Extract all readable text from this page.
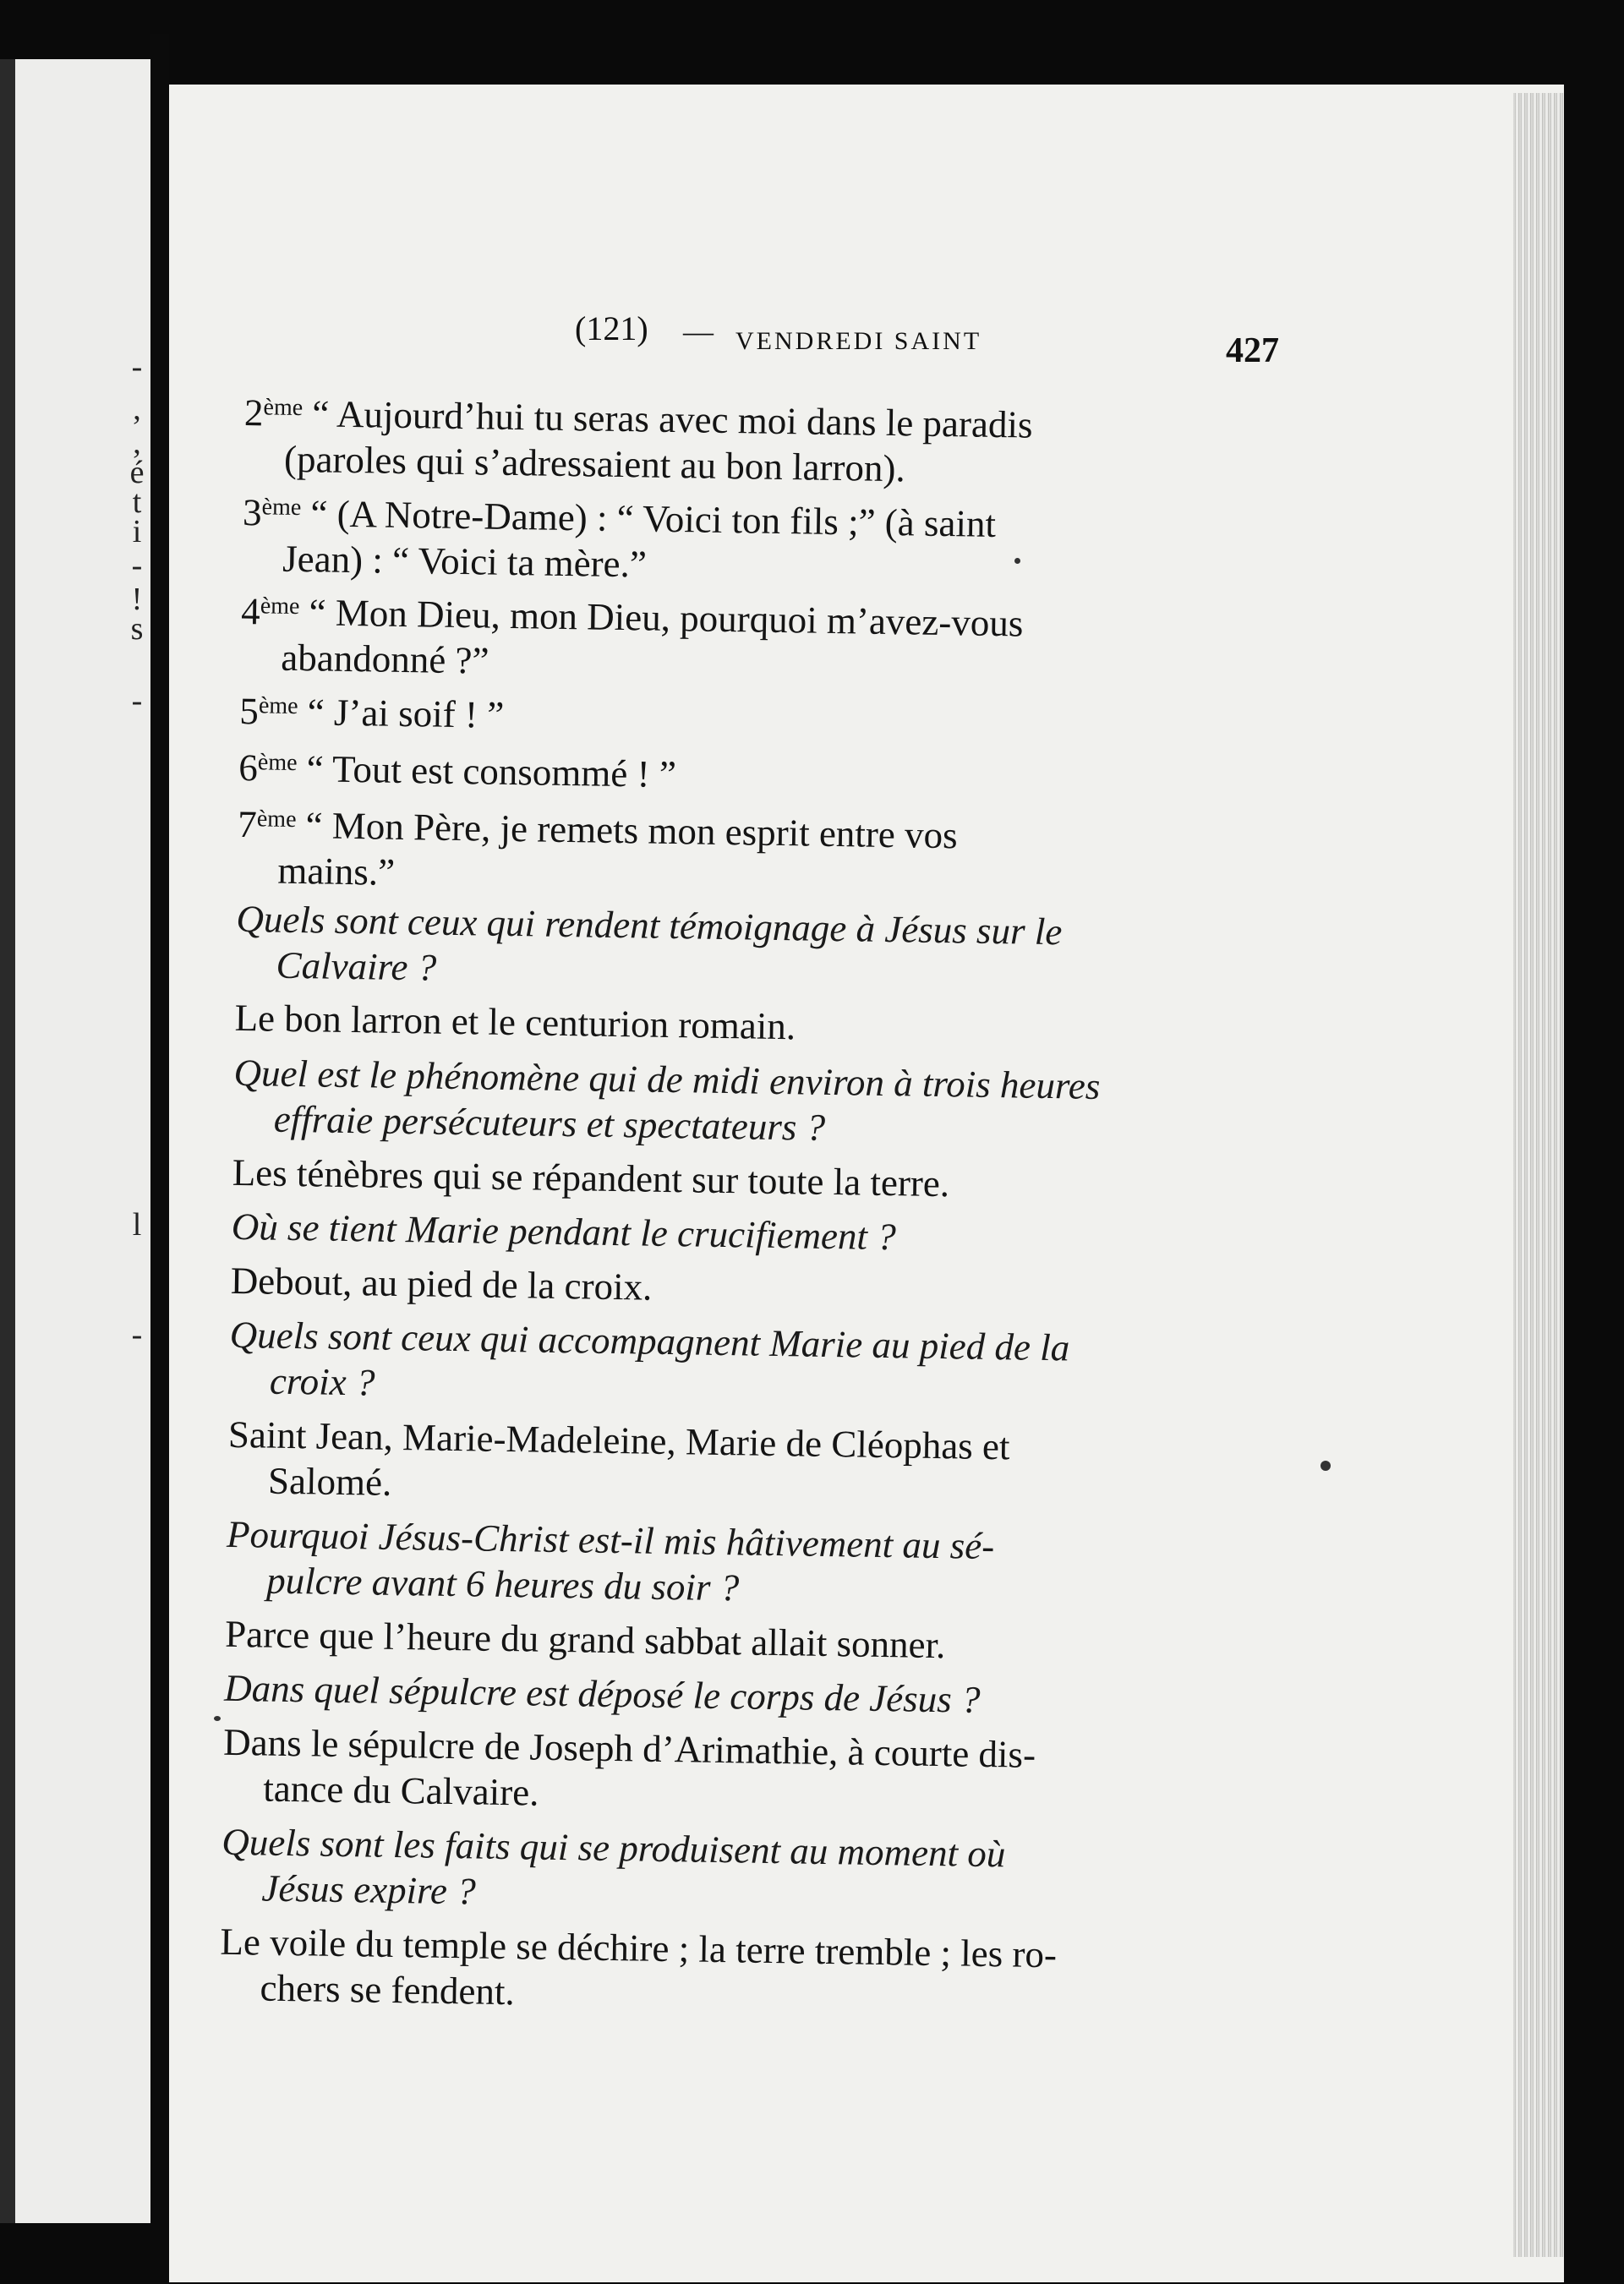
-
,
,
é
t
i
-
!
s
-
l
-
(121) — VENDREDI SAINT	427
2ème “ Aujourd’hui tu seras avec moi dans le paradis
(paroles qui s’adressaient au bon larron).
3ème “ (A Notre-Dame) : “ Voici ton fils ;” (à saint
Jean) : “ Voici ta mère.”
4ème “ Mon Dieu, mon Dieu, pourquoi m’avez-vous
abandonné ?”
5ème “ J’ai soif ! ”
6ème “ Tout est consommé ! ”
7ème “ Mon Père, je remets mon esprit entre vos
mains.”
Quels sont ceux qui rendent témoignage à Jésus sur le
Calvaire ?
Le bon larron et le centurion romain.
Quel est le phénomène qui de midi environ à trois heures
effraie persécuteurs et spectateurs ?
Les ténèbres qui se répandent sur toute la terre.
Où se tient Marie pendant le crucifiement ?
Debout, au pied de la croix.
Quels sont ceux qui accompagnent Marie au pied de la
croix ?
Saint Jean, Marie-Madeleine, Marie de Cléophas et
Salomé.
Pourquoi Jésus-Christ est-il mis hâtivement au sé-
pulcre avant 6 heures du soir ?
Parce que l’heure du grand sabbat allait sonner.
Dans quel sépulcre est déposé le corps de Jésus ?
Dans le sépulcre de Joseph d’Arimathie, à courte dis-
tance du Calvaire.
Quels sont les faits qui se produisent au moment où
Jésus expire ?
Le voile du temple se déchire ; la terre tremble ; les ro-
chers se fendent.
